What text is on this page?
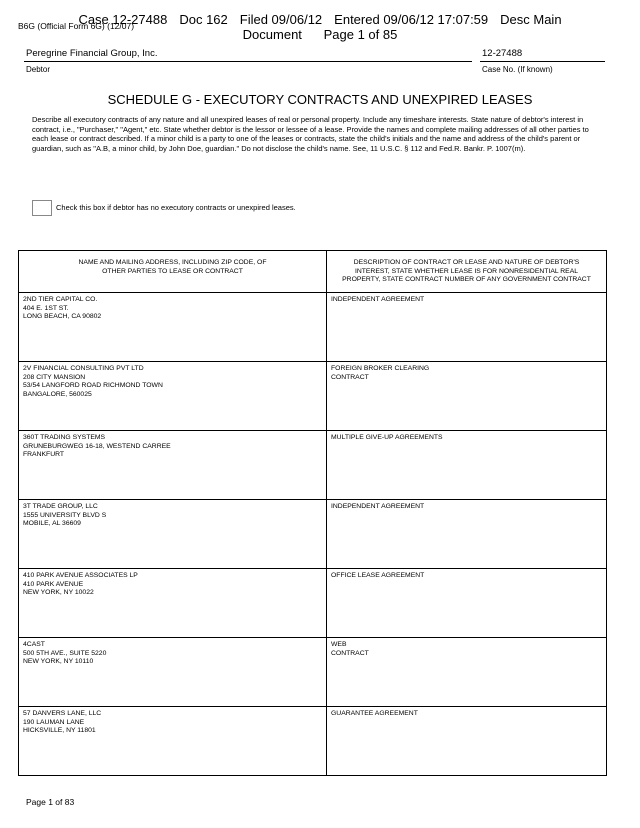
B6G (Official Form 6G) (12/07)
Case 12-27488 Doc 162 Filed 09/06/12 Entered 09/06/12 17:07:59 Desc Main
Document      Page 1 of 85
Peregrine Financial Group, Inc.	12-27488
Debtor	Case No. (If known)
SCHEDULE G - EXECUTORY CONTRACTS AND UNEXPIRED LEASES
Describe all executory contracts of any nature and all unexpired leases of real or personal property. Include any timeshare interests. State nature of debtor's interest in contract, i.e., "Purchaser," "Agent," etc. State whether debtor is the lessor or lessee of a lease. Provide the names and complete mailing addresses of all other parties to each lease or contract described. If a minor child is a party to one of the leases or contracts, state the child's initials and the name and address of the child's parent or guardian, such as "A.B, a minor child, by John Doe, guardian." Do not disclose the child's name. See, 11 U.S.C. § 112 and Fed.R. Bankr. P. 1007(m).
Check this box if debtor has no executory contracts or unexpired leases.
NAME AND MAILING ADDRESS, INCLUDING ZIP CODE, OF
OTHER PARTIES TO LEASE OR CONTRACT	DESCRIPTION OF CONTRACT OR LEASE AND NATURE OF DEBTOR'S
INTEREST, STATE WHETHER LEASE IS FOR NONRESIDENTIAL REAL
PROPERTY, STATE CONTRACT NUMBER OF ANY GOVERNMENT CONTRACT

2ND TIER CAPITAL CO.
404 E. 1ST ST.
LONG BEACH, CA 90802	INDEPENDENT AGREEMENT

2V FINANCIAL CONSULTING PVT LTD
208 CITY MANSION
53/54 LANGFORD ROAD RICHMOND TOWN
BANGALORE, 560025	FOREIGN BROKER CLEARING
CONTRACT

360T TRADING SYSTEMS
GRUNEBURGWEG 16-18, WESTEND CARREE
FRANKFURT	MULTIPLE GIVE-UP AGREEMENTS

3T TRADE GROUP, LLC
1555 UNIVERSITY BLVD S
MOBILE, AL 36609	INDEPENDENT AGREEMENT

410 PARK AVENUE ASSOCIATES LP
410 PARK AVENUE
NEW YORK, NY 10022	OFFICE LEASE AGREEMENT

4CAST
500 5TH AVE., SUITE 5220
NEW YORK, NY 10110	WEB
CONTRACT

57 DANVERS LANE, LLC
190 LAUMAN LANE
HICKSVILLE, NY 11801	GUARANTEE AGREEMENT
Page 1 of 83
